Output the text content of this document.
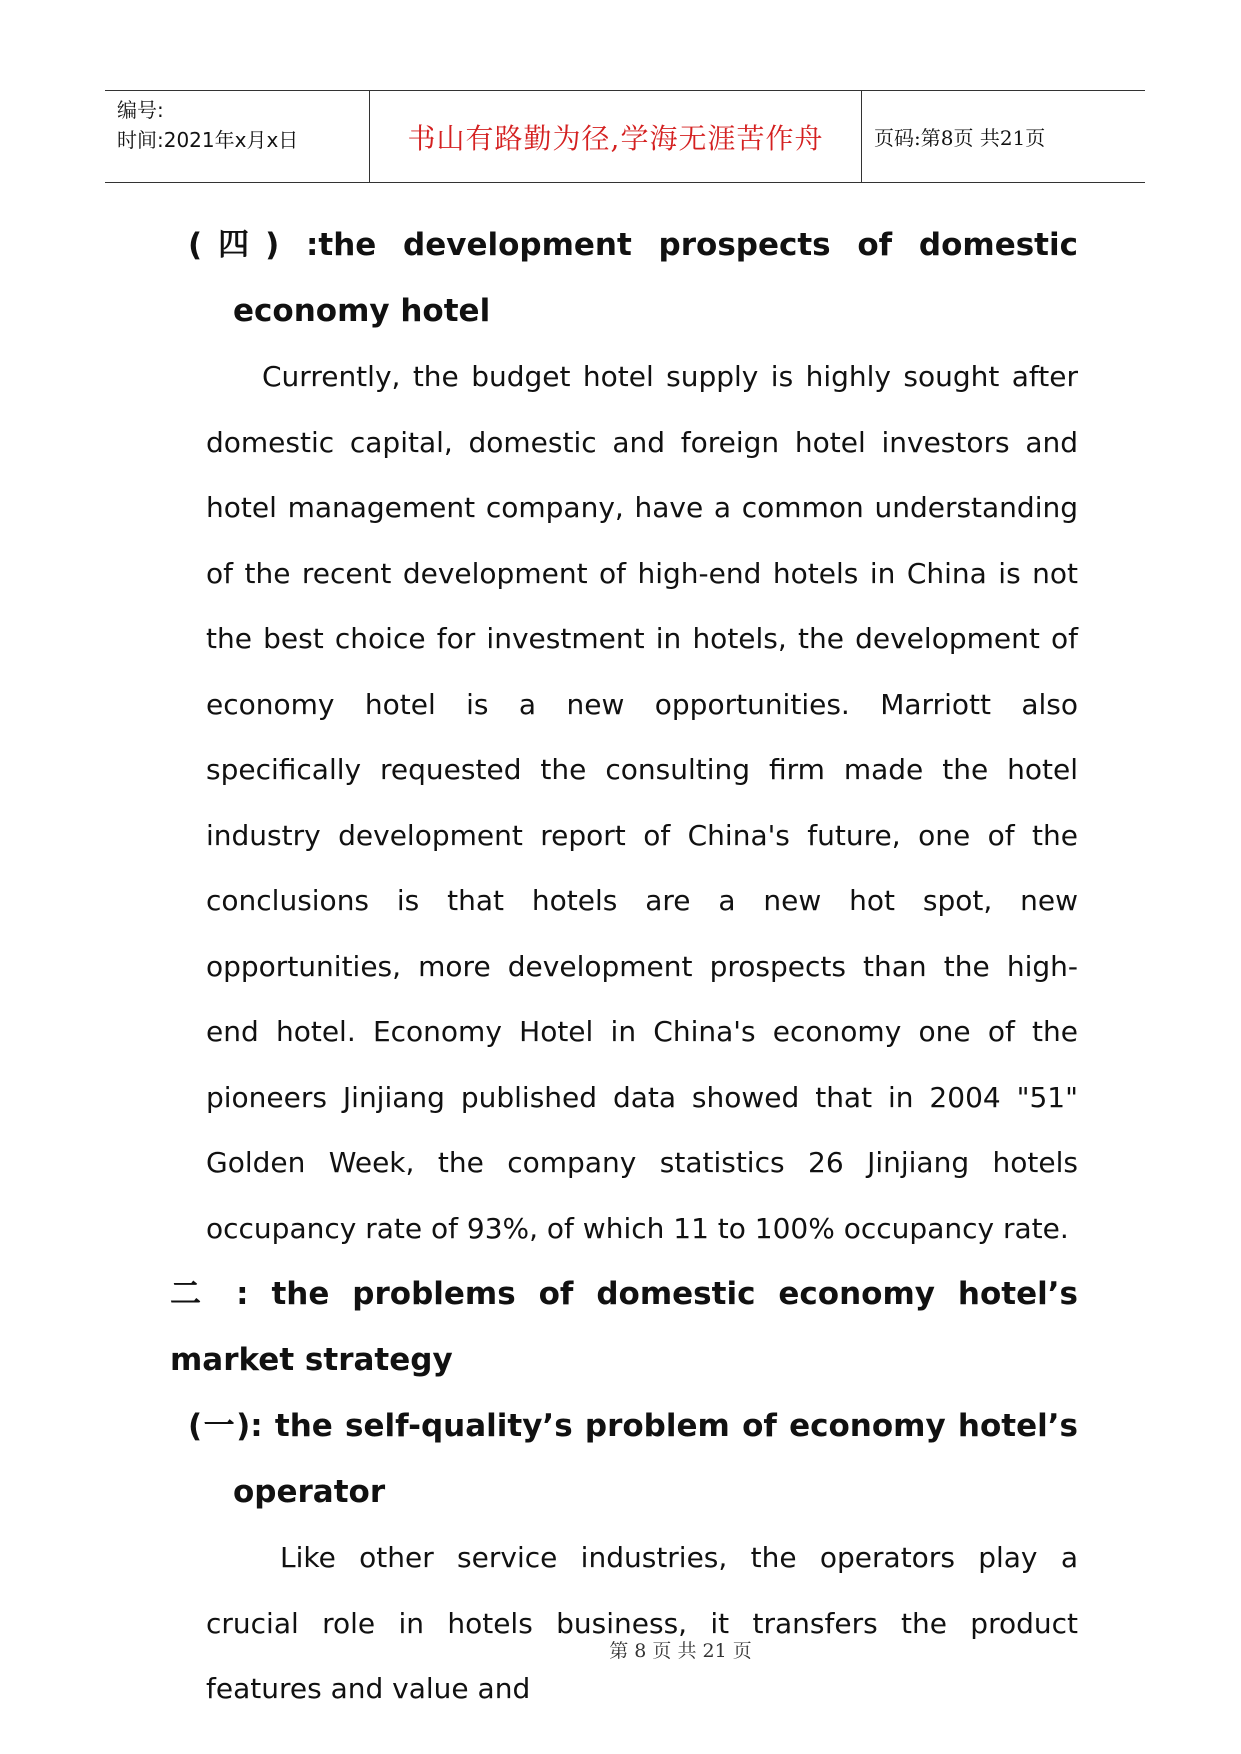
编号:
时间:2021年x月x日	书山有路勤为径,学海无涯苦作舟	页码:第8页 共21页
(四) :the development prospects of domestic economy hotel

Currently, the budget hotel supply is highly sought after domestic capital, domestic and foreign hotel investors and hotel management company, have a common understanding of the recent development of high-end hotels in China is not the best choice for investment in hotels, the development of economy hotel is a new opportunities. Marriott also specifically requested the consulting firm made the hotel industry development report of China's future, one of the conclusions is that hotels are a new hot spot, new opportunities, more development prospects than the high-end hotel. Economy Hotel in China's economy one of the pioneers Jinjiang published data showed that in 2004 "51" Golden Week, the company statistics 26 Jinjiang hotels occupancy rate of 93%, of which 11 to 100% occupancy rate.

二 : the problems of domestic economy hotel’s market strategy
(一): the self-quality’s problem of economy hotel’s operator

Like other service industries, the operators play a crucial role in hotels business, it transfers the product features and value and

第 8 页 共 21 页
